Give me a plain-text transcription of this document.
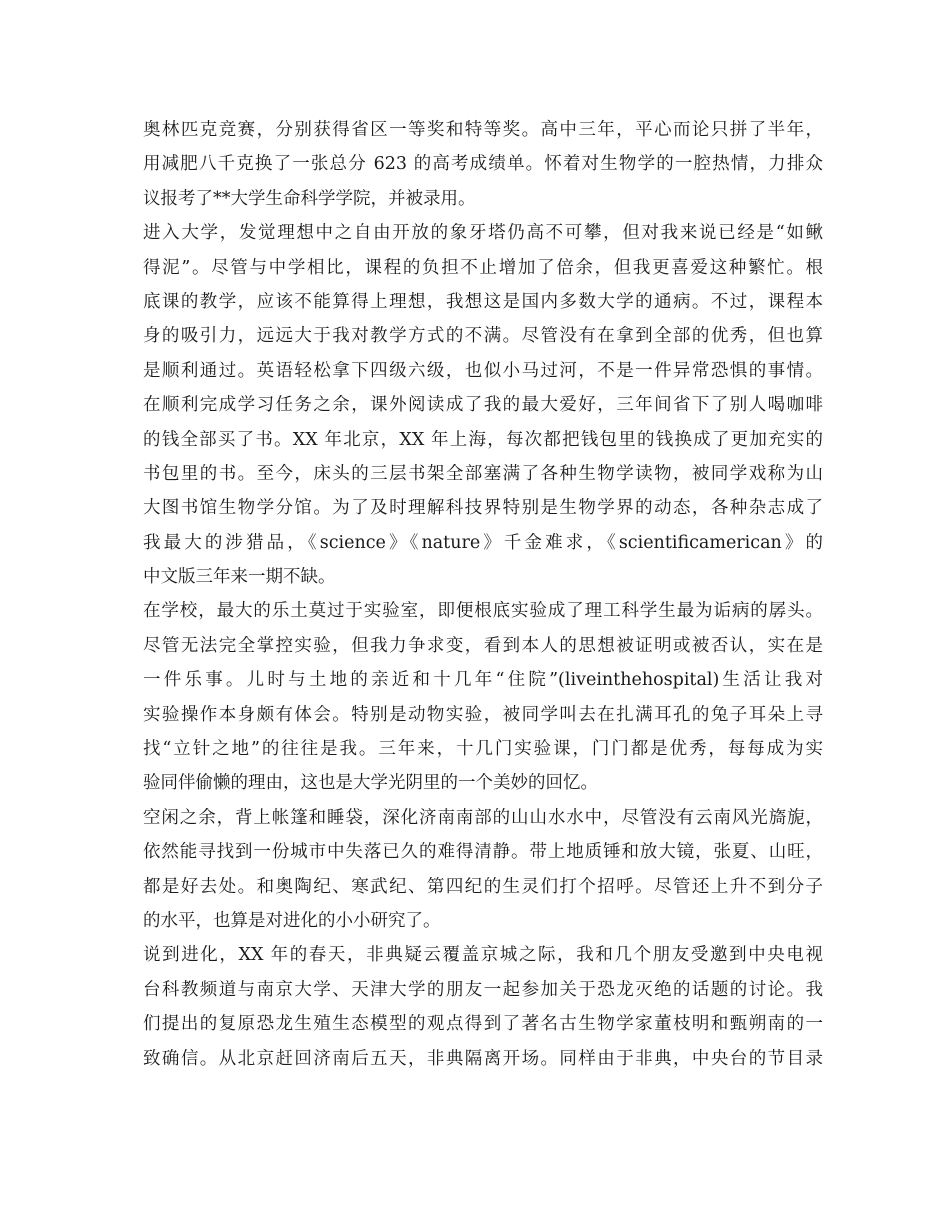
奥林匹克竞赛，分别获得省区一等奖和特等奖。高中三年，平心而论只拼了半年，
用减肥八千克换了一张总分 623 的高考成绩单。怀着对生物学的一腔热情，力排众
议报考了**大学生命科学学院，并被录用。
进入大学，发觉理想中之自由开放的象牙塔仍高不可攀，但对我来说已经是“如鳅
得泥”。尽管与中学相比，课程的负担不止增加了倍余，但我更喜爱这种繁忙。根
底课的教学，应该不能算得上理想，我想这是国内多数大学的通病。不过，课程本
身的吸引力，远远大于我对教学方式的不满。尽管没有在拿到全部的优秀，但也算
是顺利通过。英语轻松拿下四级六级，也似小马过河，不是一件异常恐惧的事情。
在顺利完成学习任务之余，课外阅读成了我的最大爱好，三年间省下了别人喝咖啡
的钱全部买了书。XX 年北京，XX 年上海，每次都把钱包里的钱换成了更加充实的
书包里的书。至今，床头的三层书架全部塞满了各种生物学读物，被同学戏称为山
大图书馆生物学分馆。为了及时理解科技界特别是生物学界的动态，各种杂志成了
我最大的涉猎品，《science》《nature》千金难求，《scientificamerican》的
中文版三年来一期不缺。
在学校，最大的乐土莫过于实验室，即便根底实验成了理工科学生最为诟病的孱头。
尽管无法完全掌控实验，但我力争求变，看到本人的思想被证明或被否认，实在是
一件乐事。儿时与土地的亲近和十几年“住院”(liveinthehospital)生活让我对
实验操作本身颇有体会。特别是动物实验，被同学叫去在扎满耳孔的兔子耳朵上寻
找“立针之地”的往往是我。三年来，十几门实验课，门门都是优秀，每每成为实
验同伴偷懒的理由，这也是大学光阴里的一个美妙的回忆。
空闲之余，背上帐篷和睡袋，深化济南南部的山山水水中，尽管没有云南风光旖旎，
依然能寻找到一份城市中失落已久的难得清静。带上地质锤和放大镜，张夏、山旺，
都是好去处。和奥陶纪、寒武纪、第四纪的生灵们打个招呼。尽管还上升不到分子
的水平，也算是对进化的小小研究了。
说到进化，XX 年的春天，非典疑云覆盖京城之际，我和几个朋友受邀到中央电视
台科教频道与南京大学、天津大学的朋友一起参加关于恐龙灭绝的话题的讨论。我
们提出的复原恐龙生殖生态模型的观点得到了著名古生物学家董枝明和甄朔南的一
致确信。从北京赶回济南后五天，非典隔离开场。同样由于非典，中央台的节目录
